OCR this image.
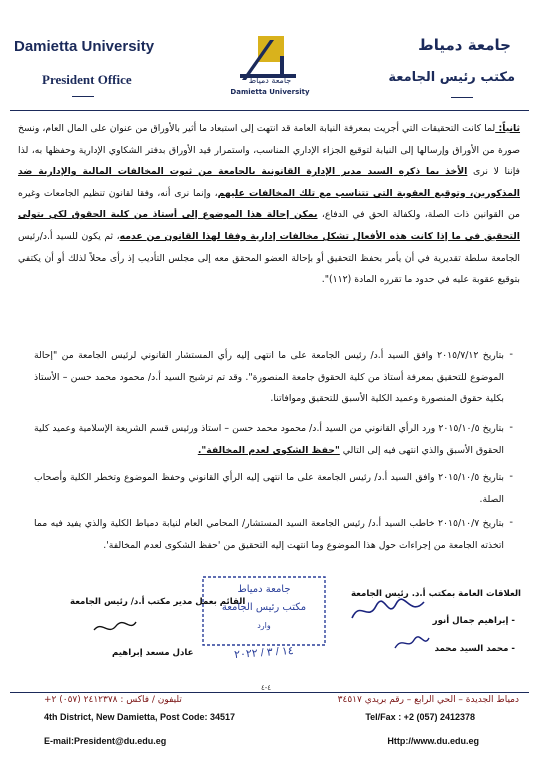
Damietta University
President Office
جامعة دمياط
مكتب رئيس الجامعة
جامعة دمياط
Damietta University
ثانياً: لما كانت التحقيقات التي أجريت بمعرفة النيابة العامة قد انتهت إلى استبعاد ما أثير بالأوراق من عنوان على المال العام، ونسخ صورة من الأوراق وإرسالها إلى النيابة لتوقيع الجزاء الإداري المناسب، واستمرار قيد الأوراق بدفتر الشكاوي الإدارية وحفظها به، لذا فإننا لا نرى الأخذ بما ذكره السيد مدير الإدارة القانونية بالجامعة من ثبوت المخالفات المالية والإدارية ضد المذكورين، وتوقيع العقوبة التي تتناسب مع تلك المخالفات عليهم، وإنما نرى أنه، وفقا لقانون تنظيم الجامعات وغيره من القوانين ذات الصلة، ولكفالة الحق في الدفاع، يمكن إحالة هذا الموضوع إلى أستاذ من كلية الحقوق لكي يتولى التحقيق في ما إذا كانت هذه الأفعال تشكل مخالفات إدارية وفقا لهذا القانون من عدمه، ثم يكون للسيد أ.د/رئيس الجامعة سلطة تقديرية في أن يأمر بحفظ التحقيق أو بإحالة العضو المحقق معه إلى مجلس التأديب إذ رأى محلاً لذلك أو أن يكتفي بتوقيع عقوبة عليه في حدود ما تقرره المادة (١١٢)".
بتاريخ ٢٠١٥/٧/١٢ وافق السيد أ.د/ رئيس الجامعة على ما انتهى إليه رأي المستشار القانوني لرئيس الجامعة من "إحالة الموضوع للتحقيق بمعرفة أستاذ من كلية الحقوق جامعة المنصورة". وقد تم ترشيح السيد أ.د/ محمود محمد حسن – الأستاذ بكلية حقوق المنصورة وعميد الكلية الأسبق للتحقيق وموافاتنا.
-
بتاريخ ٢٠١٥/١٠/٥ ورد الرأي القانوني من السيد أ.د/ محمود محمد حسن – استاذ ورئيس قسم الشريعة الإسلامية وعميد كلية الحقوق الأسبق والذي انتهى فيه إلى التالي "حفظ الشكوى لعدم المخالفة".
-
بتاريخ ٢٠١٥/١٠/٥ وافق السيد أ.د/ رئيس الجامعة على ما انتهى إليه الرأي القانوني وحفظ الموضوع وتخطر الكلية وأصحاب الصلة.
-
بتاريخ ٢٠١٥/١٠/٧ خاطب السيد أ.د/ رئيس الجامعة السيد المستشار/ المحامي العام لنيابة دمياط الكلية والذي يفيد فيه مما اتخذته الجامعة من إجراءات حول هذا الموضوع وما انتهت إليه التحقيق من 'حفظ الشكوى لعدم المخالفة'.
-
العلاقات العامة بمكتب أ.د. رئيس الجامعة
- إبراهيم جمال أنور
- محمد السيد محمد
القائم بعمل مدير مكتب أ.د/ رئيس الجامعة
عادل مسعد إبراهيم
جامعة دمياط
مكتب رئيس الجامعة
وارد
١٤ / ٣ / ٢٠٢٢
٤-٤
تليفون / فاكس : ٢٤١٢٣٧٨ (٠٥٧) ٢+	دمياط الجديدة – الحي الرابع – رقم بريدي ٣٤٥١٧
4th District, New Damietta, Post Code: 34517	Tel/Fax : +2 (057) 2412378
E-mail:President@du.edu.eg	Http://www.du.edu.eg
